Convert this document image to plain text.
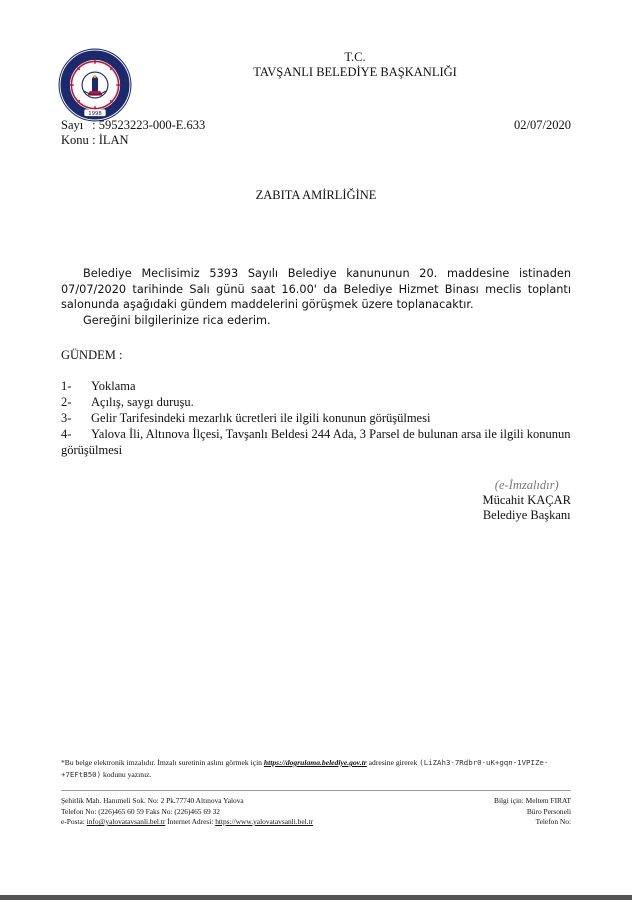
1998
T.C.
TAVŞANLI BELEDİYE BAŞKANLIĞI
Sayı : 59523223-000-E.633
Konu : İLAN
02/07/2020
ZABITA AMİRLİĞİNE

Belediye Meclisimiz 5393 Sayılı Belediye kanununun 20. maddesine istinaden 07/07/2020 tarihinde Salı günü saat 16.00' da Belediye Hizmet Binası meclis toplantı salonunda aşağıdaki gündem maddelerini görüşmek üzere toplanacaktır.

Gereğini bilgilerinize rica ederim.

GÜNDEM :
1-	Yoklama
2-	Açılış, saygı duruşu.
3-	Gelir Tarifesindeki mezarlık ücretleri ile ilgili konunun görüşülmesi
4- Yalova İli, Altınova İlçesi, Tavşanlı Beldesi 244 Ada, 3 Parsel de bulunan arsa ile ilgili konunun görüşülmesi
(e-İmzalıdır)
Mücahit KAÇAR
Belediye Başkanı
*Bu belge elektronik imzalıdır. İmzalı suretinin aslını görmek için https://dogrulama.belediye.gov.tr adresine girerek (LiZAh3-7Rdbr0-uK+gqn-1VPIZe-+7EFtB50) kodunu yazınız.
Şehitlik Mah. Hanımeli Sok. No: 2 Pk.77740 Altınova Yalova
Telefon No: (226)465 60 59 Faks No: (226)465 69 32
e-Posta: info@yalovatavsanli.bel.tr İnternet Adresi: https://www.yalovatavsanli.bel.tr
Bilgi için: Meltem FIRAT
Büro Personeli
Telefon No:
